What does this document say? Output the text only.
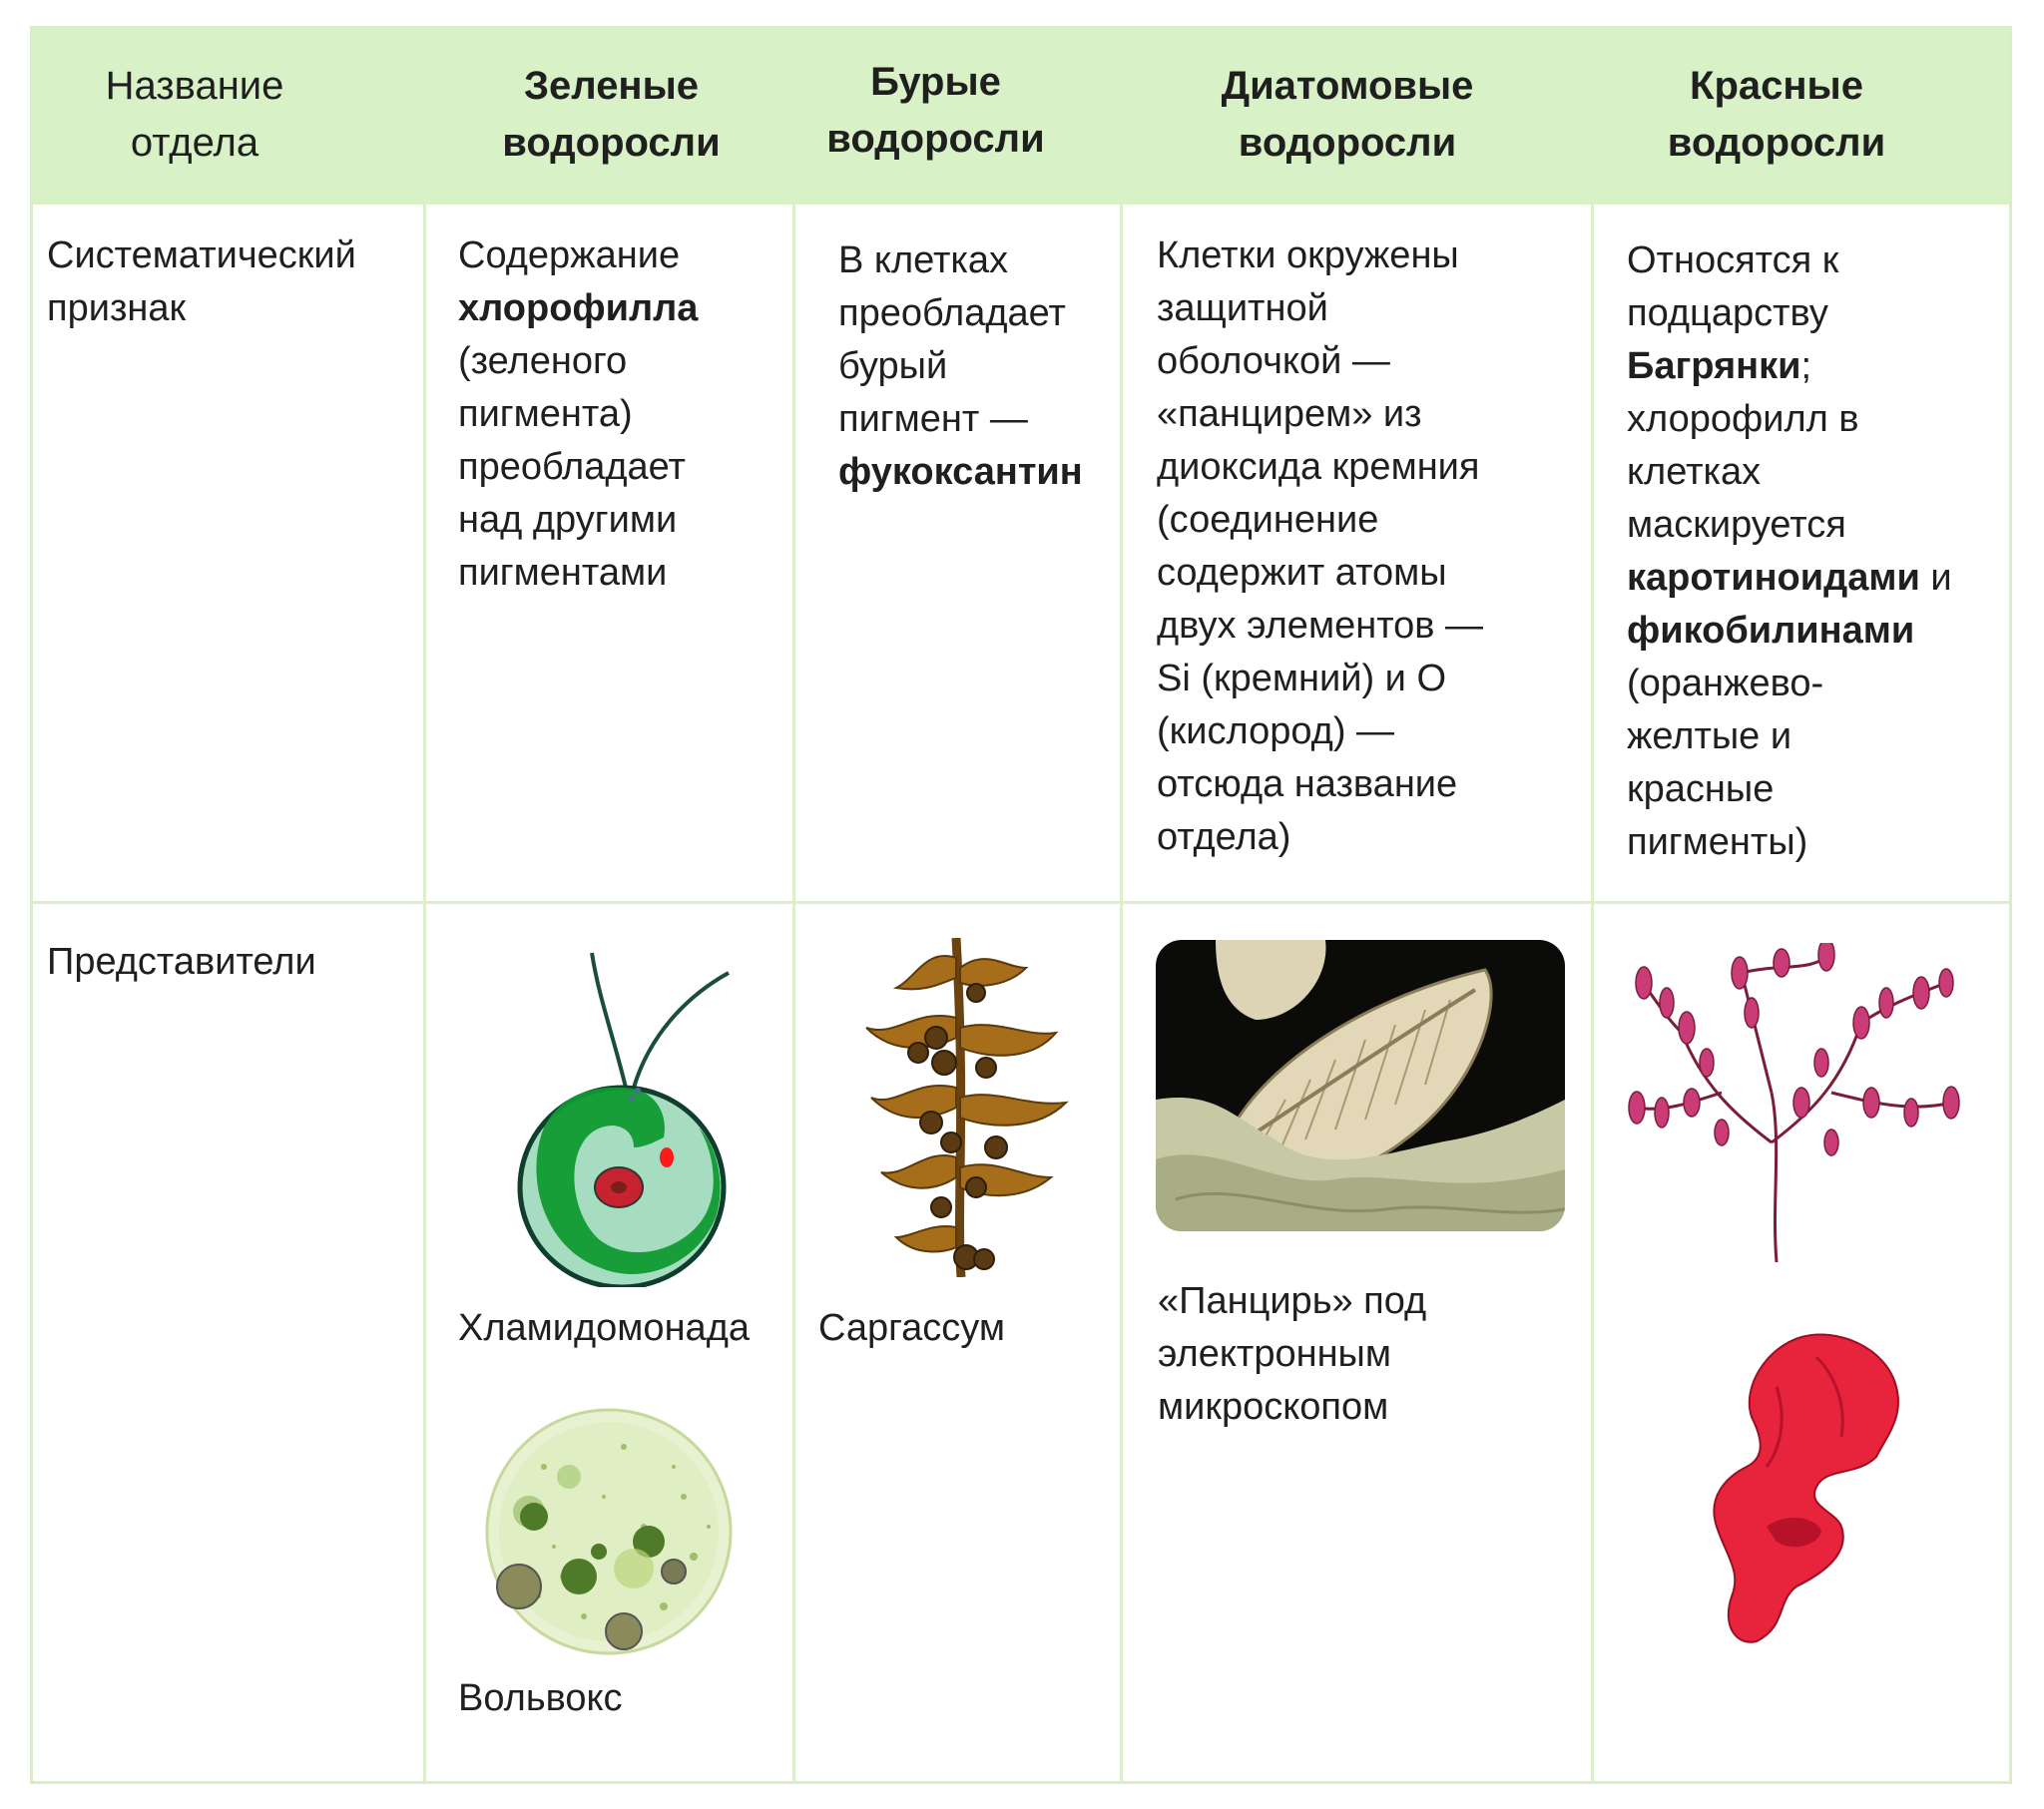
Название
отдела
Зеленые
водоросли
Бурые
водоросли
Диатомовые
водоросли
Красные
водоросли
Систематический
признак
Представители
Содержание
хлорофилла
(зеленого
пигмента)
преобладает
над другими
пигментами
В клетках
преобладает
бурый
пигмент —
фукоксантин
Клетки окружены
защитной
оболочкой —
«панцирем» из
диоксида кремния
(соединение
содержит атомы
двух элементов —
Si (кремний) и O
(кислород) —
отсюда название
отдела)
Относятся к
подцарству
Багрянки;
хлорофилл в
клетках
маскируется
каротиноидами и
фикобилинами
(оранжево-
желтые и
красные
пигменты)
Хламидомонада
Вольвокс
Саргассум
«Панцирь» под
электронным
микроскопом
